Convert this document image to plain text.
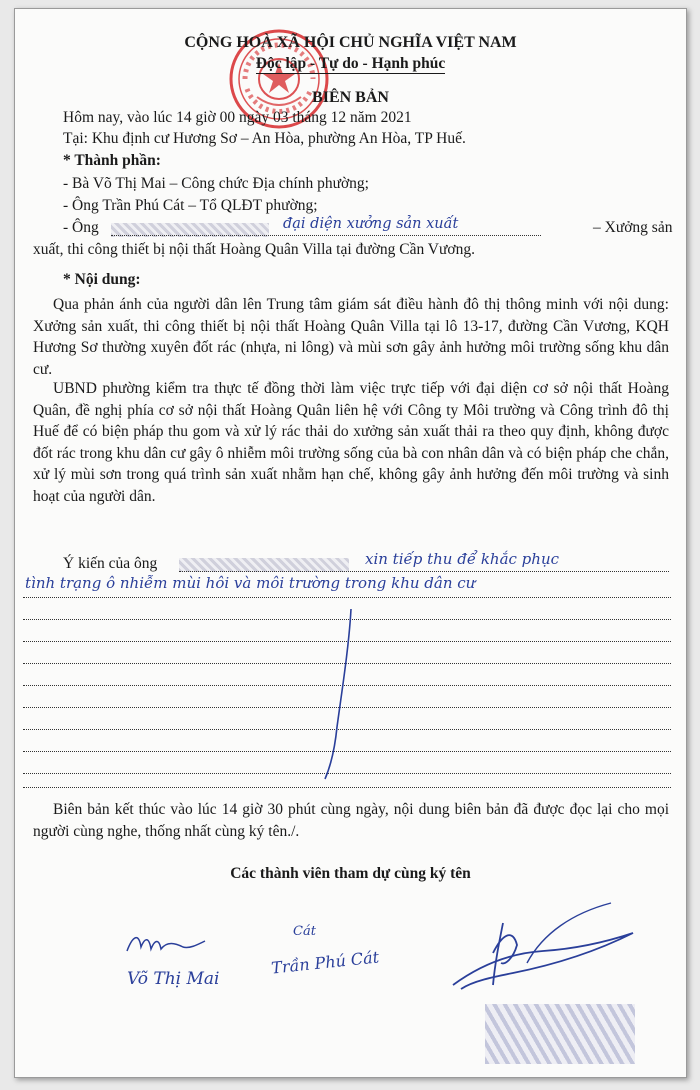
CỘNG HOÀ XÃ HỘI CHỦ NGHĨA VIỆT NAM
Độc lập - Tự do - Hạnh phúc
BIÊN BẢN
Hôm nay, vào lúc 14 giờ 00 ngày 03 tháng 12 năm 2021
Tại: Khu định cư Hương Sơ – An Hòa, phường An Hòa, TP Huế.
* Thành phần:
- Bà Võ Thị Mai – Công chức Địa chính phường;
- Ông Trần Phú Cát – Tổ QLĐT phường;
- Ông	đại diện xưởng sản xuất	– Xưởng sản
xuất, thi công thiết bị nội thất Hoàng Quân Villa tại đường Cần Vương.
* Nội dung:
Qua phản ánh của người dân lên Trung tâm giám sát điều hành đô thị thông minh với nội dung: Xưởng sản xuất, thi công thiết bị nội thất Hoàng Quân Villa tại lô 13-17, đường Cần Vương, KQH Hương Sơ thường xuyên đốt rác (nhựa, ni lông) và mùi sơn gây ảnh hưởng môi trường sống khu dân cư.
UBND phường kiểm tra thực tế đồng thời làm việc trực tiếp với đại diện cơ sở nội thất Hoàng Quân, đề nghị phía cơ sở nội thất Hoàng Quân liên hệ với Công ty Môi trường và Công trình đô thị Huế để có biện pháp thu gom và xử lý rác thải do xưởng sản xuất thải ra theo quy định, không được đốt rác trong khu dân cư gây ô nhiễm môi trường sống của bà con nhân dân và có biện pháp che chắn, xử lý mùi sơn trong quá trình sản xuất nhằm hạn chế, không gây ảnh hưởng đến môi trường và sinh hoạt của người dân.
Ý kiến của ông	xin tiếp thu để khắc phục
tình trạng ô nhiễm mùi hôi và môi trường trong khu dân cư
Biên bản kết thúc vào lúc 14 giờ 30 phút cùng ngày, nội dung biên bản đã được đọc lại cho mọi người cùng nghe, thống nhất cùng ký tên./.
Các thành viên tham dự cùng ký tên
Võ Thị Mai
Cát
Trần Phú Cát
